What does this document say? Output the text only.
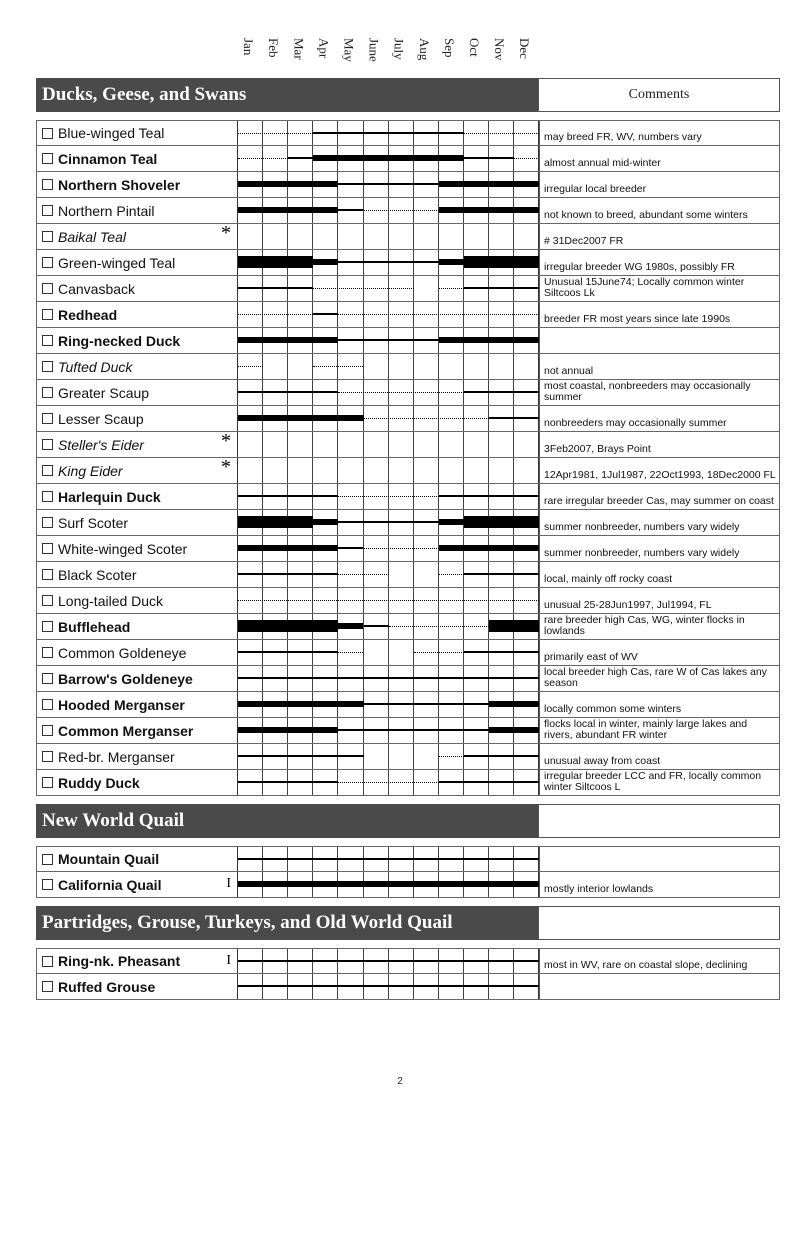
Jan Feb Mar Apr May June July Aug Sep Oct Nov Dec
Ducks, Geese, and Swans	Comments
Blue-winged Teal	may breed FR, WV, numbers vary
Cinnamon Teal	almost annual mid-winter
Northern Shoveler	irregular local breeder
Northern Pintail	not known to breed, abundant some winters
Baikal Teal	*	# 31Dec2007 FR
Green-winged Teal	irregular breeder WG 1980s, possibly FR
Canvasback	Unusual 15June74; Locally common winter Siltcoos Lk
Redhead	breeder FR most years since late 1990s
Ring-necked Duck
Tufted Duck	not annual
Greater Scaup	most coastal, nonbreeders may occasionally summer
Lesser Scaup	nonbreeders may occasionally summer
Steller's Eider	*	3Feb2007, Brays Point
King Eider	*	12Apr1981, 1Jul1987, 22Oct1993, 18Dec2000 FL
Harlequin Duck	rare irregular breeder Cas, may summer on coast
Surf Scoter	summer nonbreeder, numbers vary widely
White-winged Scoter	summer nonbreeder, numbers vary widely
Black Scoter	local, mainly off rocky coast
Long-tailed Duck	unusual 25-28Jun1997, Jul1994, FL
Bufflehead	rare breeder high Cas, WG, winter flocks in lowlands
Common Goldeneye	primarily east of WV
Barrow's Goldeneye	local breeder high Cas, rare W of Cas lakes any season
Hooded Merganser	locally common some winters
Common Merganser	flocks local in winter, mainly large lakes and rivers, abundant FR winter
Red-br. Merganser	unusual away from coast
Ruddy Duck	irregular breeder LCC and FR, locally common winter Siltcoos L
New World Quail
Mountain Quail
California Quail	I	mostly interior lowlands
Partridges, Grouse, Turkeys, and Old World Quail
Ring-nk. Pheasant	I	most in WV, rare on coastal slope, declining
Ruffed Grouse
2
